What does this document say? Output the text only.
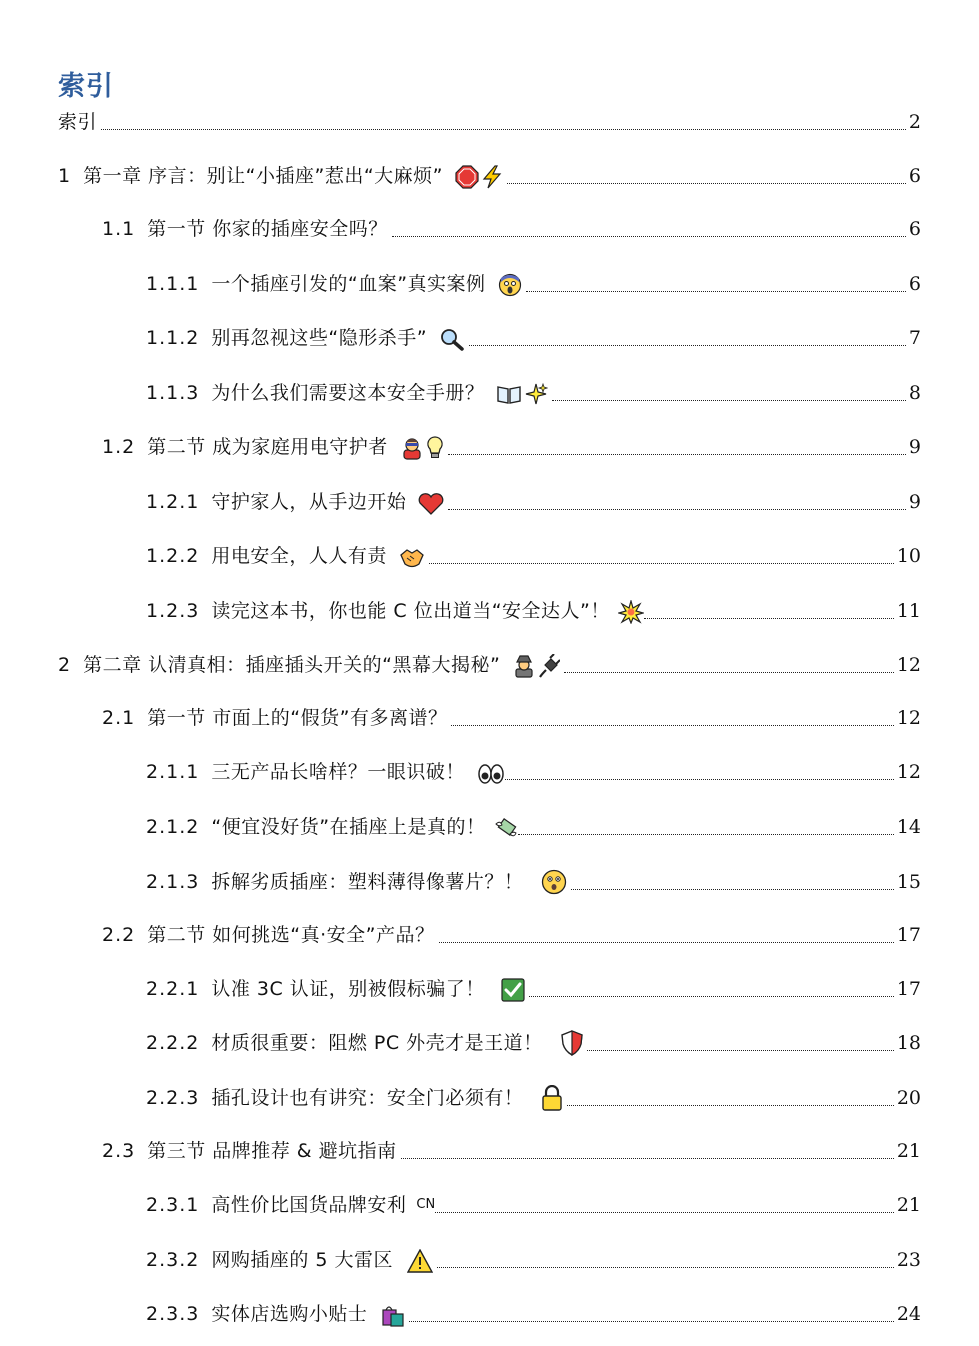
索引
索引	2
1 第一章 序言：别让“小插座”惹出“大麻烦”	6
1.1 第一节 你家的插座安全吗？	6
1.1.1 一个插座引发的“血案”真实案例	6
1.1.2 别再忽视这些“隐形杀手”	7
1.1.3 为什么我们需要这本安全手册？	8
1.2 第二节 成为家庭用电守护者	9
1.2.1 守护家人，从手边开始	9
1.2.2 用电安全，人人有责	10
1.2.3 读完这本书，你也能 C 位出道当“安全达人”！	11
2 第二章 认清真相：插座插头开关的“黑幕大揭秘”	12
2.1 第一节 市面上的“假货”有多离谱？	12
2.1.1 三无产品长啥样？一眼识破！	12
2.1.2 “便宜没好货”在插座上是真的！	14
2.1.3 拆解劣质插座：塑料薄得像薯片？！	15
2.2 第二节 如何挑选“真·安全”产品？	17
2.2.1 认准 3C 认证，别被假标骗了！	17
2.2.2 材质很重要：阻燃 PC 外壳才是王道！	18
2.2.3 插孔设计也有讲究：安全门必须有！	20
2.3 第三节 品牌推荐 & 避坑指南	21
2.3.1 高性价比国货品牌安利 CN	21
2.3.2 网购插座的 5 大雷区	23
2.3.3 实体店选购小贴士	24
